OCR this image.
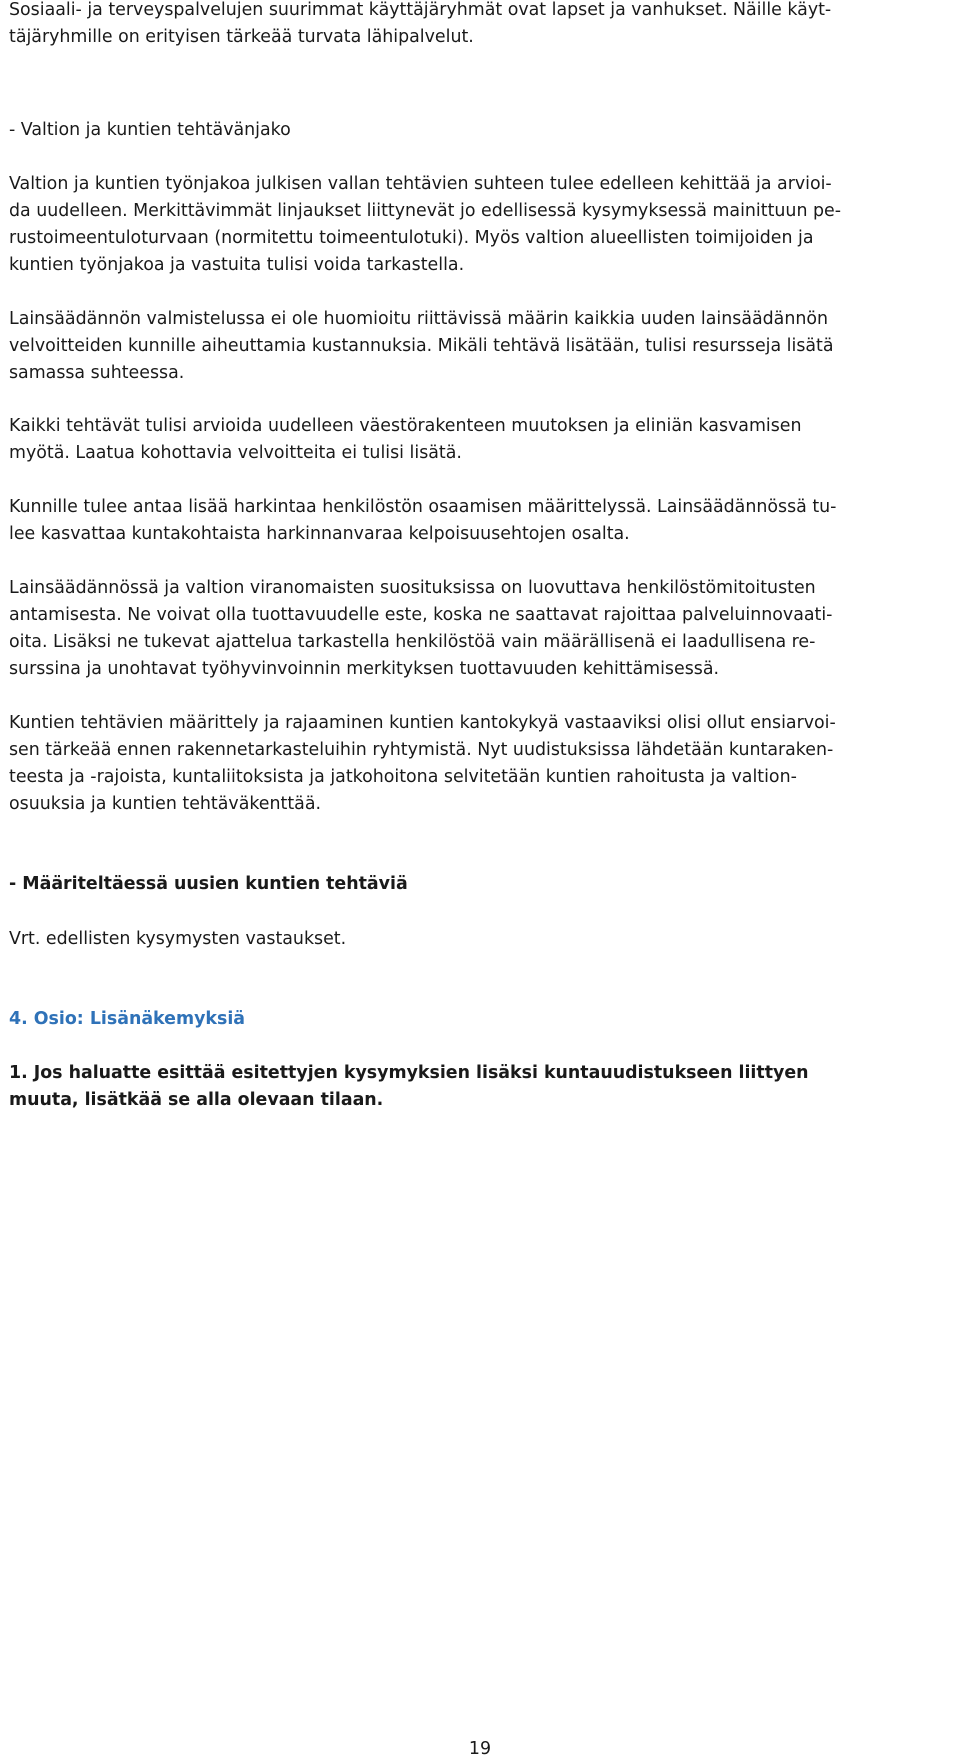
Sosiaali- ja terveyspalvelujen suurimmat käyttäjäryhmät ovat lapset ja vanhukset. Näille käyt-
täjäryhmille on erityisen tärkeää turvata lähipalvelut.
- Valtion ja kuntien tehtävänjako
Valtion ja kuntien työnjakoa julkisen vallan tehtävien suhteen tulee edelleen kehittää ja arvioi-
da uudelleen. Merkittävimmät linjaukset liittynevät jo edellisessä kysymyksessä mainittuun pe-
rustoimeentuloturvaan (normitettu toimeentulotuki). Myös valtion alueellisten toimijoiden ja
kuntien työnjakoa ja vastuita tulisi voida tarkastella.
Lainsäädännön valmistelussa ei ole huomioitu riittävissä määrin kaikkia uuden lainsäädännön
velvoitteiden kunnille aiheuttamia kustannuksia. Mikäli tehtävä lisätään, tulisi resursseja lisätä
samassa suhteessa.
Kaikki tehtävät tulisi arvioida uudelleen väestörakenteen muutoksen ja eliniän kasvamisen
myötä. Laatua kohottavia velvoitteita ei tulisi lisätä.
Kunnille tulee antaa lisää harkintaa henkilöstön osaamisen määrittelyssä. Lainsäädännössä tu-
lee kasvattaa kuntakohtaista harkinnanvaraa kelpoisuusehtojen osalta.
Lainsäädännössä ja valtion viranomaisten suosituksissa on luovuttava henkilöstömitoitusten
antamisesta. Ne voivat olla tuottavuudelle este, koska ne saattavat rajoittaa palveluinnovaati-
oita. Lisäksi ne tukevat ajattelua tarkastella henkilöstöä vain määrällisenä ei laadullisena re-
surssina ja unohtavat työhyvinvoinnin merkityksen tuottavuuden kehittämisessä.
Kuntien tehtävien määrittely ja rajaaminen kuntien kantokykyä vastaaviksi olisi ollut ensiarvoi-
sen tärkeää ennen rakennetarkasteluihin ryhtymistä. Nyt uudistuksissa lähdetään kuntaraken-
teesta ja -rajoista, kuntaliitoksista ja jatkohoitona selvitetään kuntien rahoitusta ja valtion-
osuuksia ja kuntien tehtäväkenttää.
- Määriteltäessä uusien kuntien tehtäviä
Vrt. edellisten kysymysten vastaukset.
4. Osio: Lisänäkemyksiä
1. Jos haluatte esittää esitettyjen kysymyksien lisäksi kuntauudistukseen liittyen
muuta, lisätkää se alla olevaan tilaan.
19
